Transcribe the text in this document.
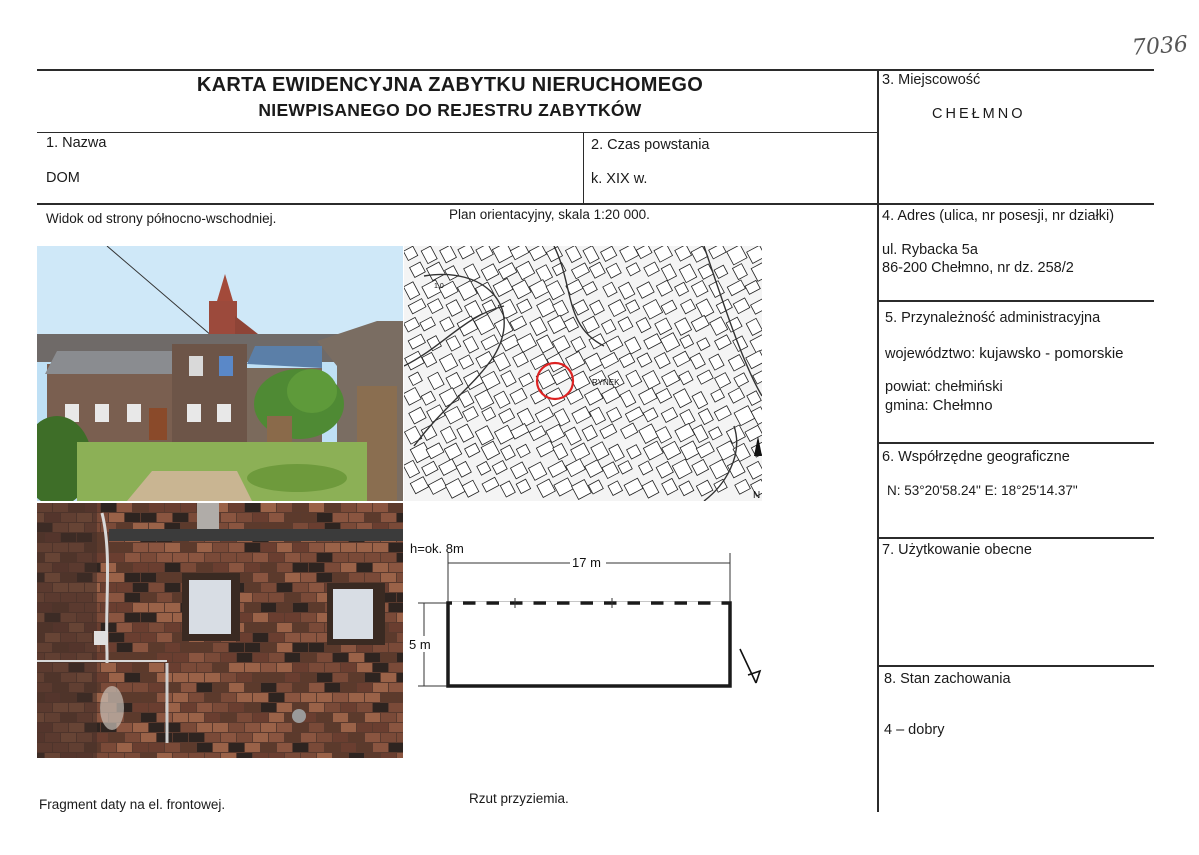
7036
KARTA EWIDENCYJNA ZABYTKU NIERUCHOMEGO
NIEWPISANEGO DO REJESTRU ZABYTKÓW
1. Nazwa
DOM
2. Czas powstania
k. XIX w.
3. Miejscowość
CHEŁMNO
4. Adres (ulica, nr posesji, nr działki)
ul. Rybacka 5a
86-200 Chełmno, nr dz. 258/2
5. Przynależność administracyjna
województwo: kujawsko - pomorskie
powiat: chełmiński
gmina: Chełmno
6. Współrzędne geograficzne
N: 53°20'58.24" E: 18°25'14.37"
7. Użytkowanie obecne
8. Stan zachowania
4 – dobry
Widok od strony północno-wschodniej.	Plan orientacyjny, skala 1:20 000.
Fragment daty na el. frontowej.	Rzut przyziemia.
RYNEK
1.0
N
h=ok. 8m
17 m
5 m
